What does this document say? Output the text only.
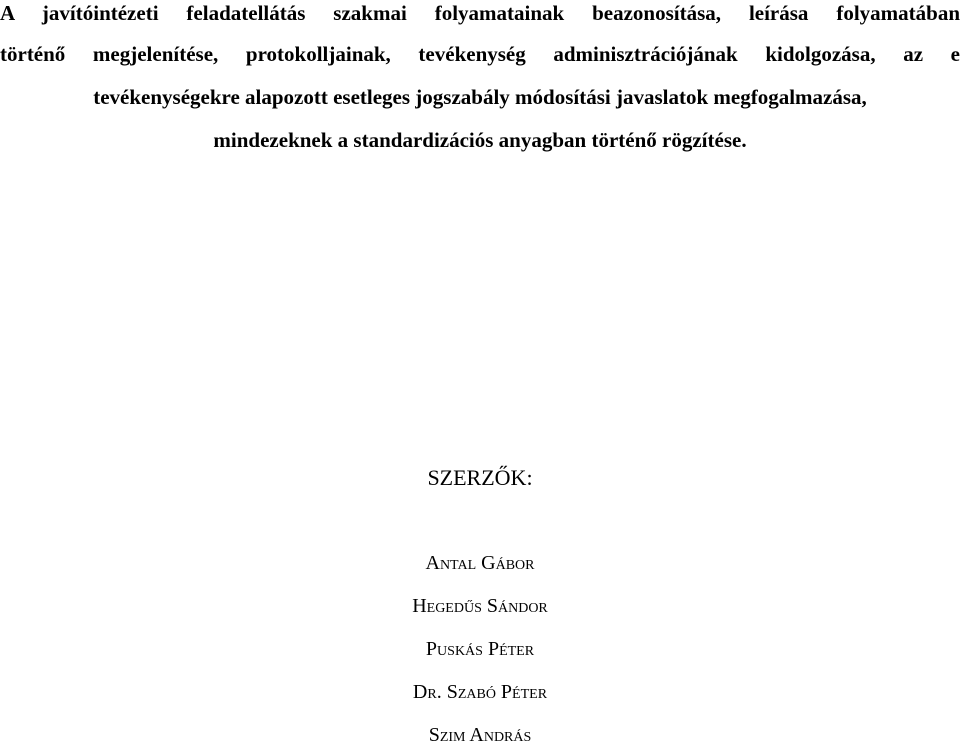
A javítóintézeti feladatellátás szakmai folyamatainak beazonosítása, leírása folyamatában
történő megjelenítése, protokolljainak, tevékenység adminisztrációjának kidolgozása, az e
tevékenységekre alapozott esetleges jogszabály módosítási javaslatok megfogalmazása,
mindezeknek a standardizációs anyagban történő rögzítése.
SZERZŐK:
Antal Gábor
Hegedűs Sándor
Puskás Péter
Dr. Szabó Péter
Szim András
